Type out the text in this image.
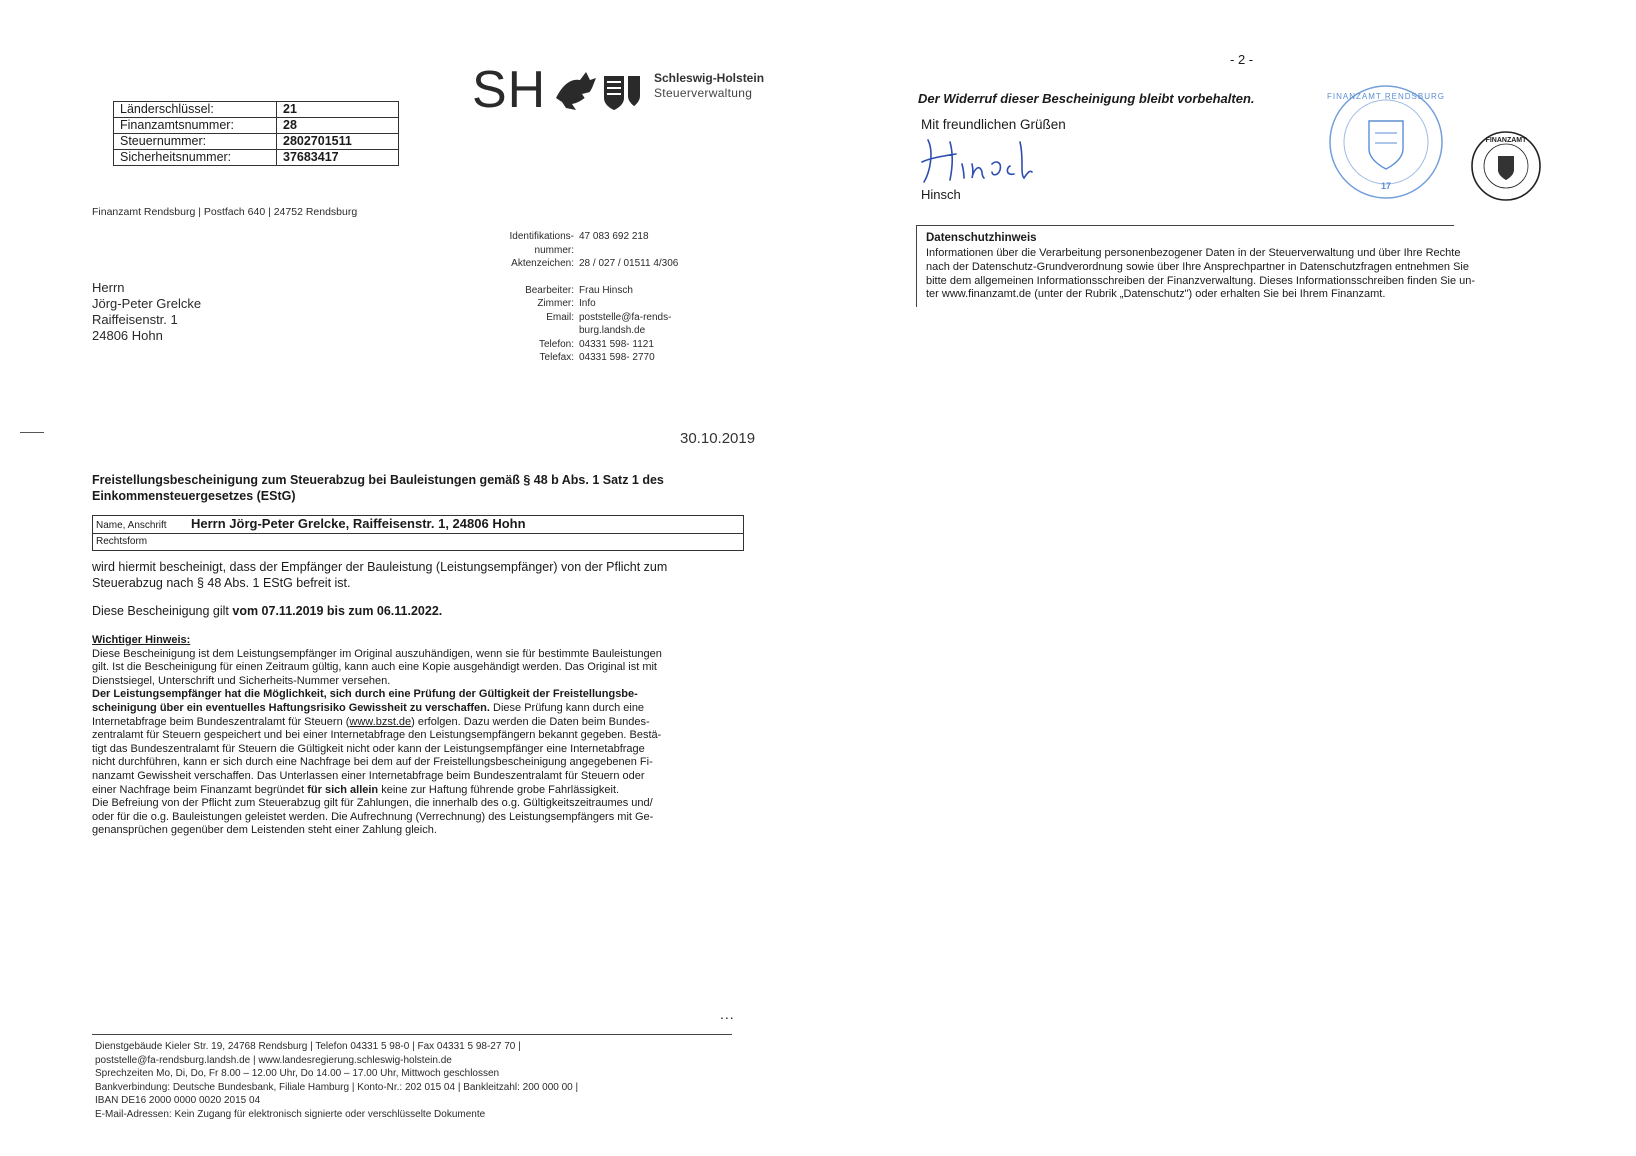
Länderschlüssel:	21
Finanzamtsnummer:	28
Steuernummer:	2802701511
Sicherheitsnummer:	37683417
SH	Schleswig-Holstein
Steuerverwaltung
Finanzamt Rendsburg | Postfach 640 | 24752 Rendsburg
Herrn
Jörg-Peter Grelcke
Raiffeisenstr. 1
24806 Hohn
Identifikations- 47 083 692 218
nummer:
Aktenzeichen: 28 / 027 / 01511 4/306
Bearbeiter: Frau Hinsch
Zimmer: Info
Email: poststelle@fa-rends-
burg.landsh.de
Telefon: 04331 598- 1121
Telefax: 04331 598- 2770
30.10.2019
Freistellungsbescheinigung zum Steuerabzug bei Bauleistungen gemäß § 48 b Abs. 1 Satz 1 des
Einkommensteuergesetzes (EStG)
Name, Anschrift Herrn Jörg-Peter Grelcke, Raiffeisenstr. 1, 24806 Hohn
Rechtsform
wird hiermit bescheinigt, dass der Empfänger der Bauleistung (Leistungsempfänger) von der Pflicht zum
Steuerabzug nach § 48 Abs. 1 EStG befreit ist.
Diese Bescheinigung gilt vom 07.11.2019 bis zum 06.11.2022.
Wichtiger Hinweis:
Diese Bescheinigung ist dem Leistungsempfänger im Original auszuhändigen, wenn sie für bestimmte Bauleistungen
gilt. Ist die Bescheinigung für einen Zeitraum gültig, kann auch eine Kopie ausgehändigt werden. Das Original ist mit
Dienstsiegel, Unterschrift und Sicherheits-Nummer versehen.
Der Leistungsempfänger hat die Möglichkeit, sich durch eine Prüfung der Gültigkeit der Freistellungsbe-
scheinigung über ein eventuelles Haftungsrisiko Gewissheit zu verschaffen. Diese Prüfung kann durch eine
Internetabfrage beim Bundeszentralamt für Steuern (www.bzst.de) erfolgen. Dazu werden die Daten beim Bundes-
zentralamt für Steuern gespeichert und bei einer Internetabfrage den Leistungsempfängern bekannt gegeben. Bestä-
tigt das Bundeszentralamt für Steuern die Gültigkeit nicht oder kann der Leistungsempfänger eine Internetabfrage
nicht durchführen, kann er sich durch eine Nachfrage bei dem auf der Freistellungsbescheinigung angegebenen Fi-
nanzamt Gewissheit verschaffen. Das Unterlassen einer Internetabfrage beim Bundeszentralamt für Steuern oder
einer Nachfrage beim Finanzamt begründet für sich allein keine zur Haftung führende grobe Fahrlässigkeit.
Die Befreiung von der Pflicht zum Steuerabzug gilt für Zahlungen, die innerhalb des o.g. Gültigkeitszeitraumes und/
oder für die o.g. Bauleistungen geleistet werden. Die Aufrechnung (Verrechnung) des Leistungsempfängers mit Ge-
genansprüchen gegenüber dem Leistenden steht einer Zahlung gleich.
...
Dienstgebäude Kieler Str. 19, 24768 Rendsburg | Telefon 04331 5 98-0 | Fax 04331 5 98-27 70 |
poststelle@fa-rendsburg.landsh.de | www.landesregierung.schleswig-holstein.de
Sprechzeiten Mo, Di, Do, Fr 8.00 – 12.00 Uhr, Do 14.00 – 17.00 Uhr, Mittwoch geschlossen
Bankverbindung: Deutsche Bundesbank, Filiale Hamburg | Konto-Nr.: 202 015 04 | Bankleitzahl: 200 000 00 |
IBAN DE16 2000 0000 0020 2015 04
E-Mail-Adressen: Kein Zugang für elektronisch signierte oder verschlüsselte Dokumente
- 2 -
Der Widerruf dieser Bescheinigung bleibt vorbehalten.
Mit freundlichen Grüßen
Hinsch
17
FINANZAMT RENDSBURG
FINANZAMT
Datenschutzhinweis
Informationen über die Verarbeitung personenbezogener Daten in der Steuerverwaltung und über Ihre Rechte
nach der Datenschutz-Grundverordnung sowie über Ihre Ansprechpartner in Datenschutzfragen entnehmen Sie
bitte dem allgemeinen Informationsschreiben der Finanzverwaltung. Dieses Informationsschreiben finden Sie un-
ter www.finanzamt.de (unter der Rubrik „Datenschutz") oder erhalten Sie bei Ihrem Finanzamt.
